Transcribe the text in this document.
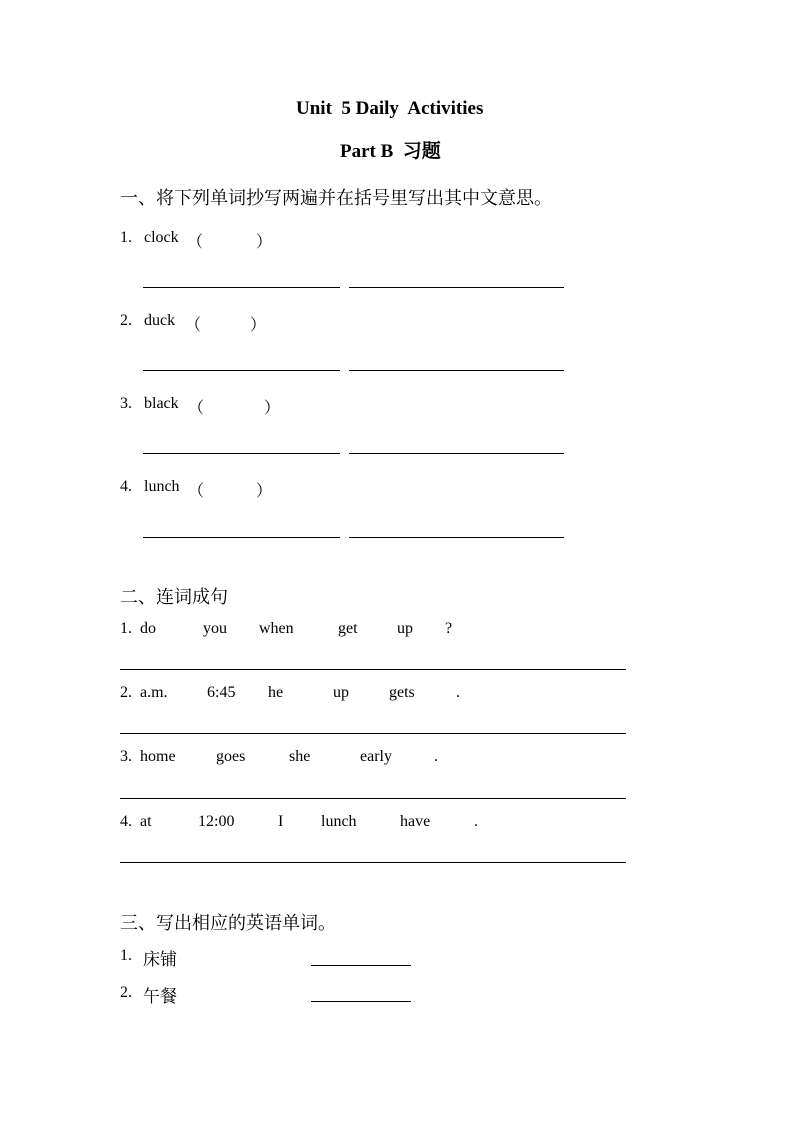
Unit  5 Daily  Activities
Part B  习题
一、将下列单词抄写两遍并在括号里写出其中文意思。
1. clock （	）
2. duck （	）
3. black （	）
4. lunch （	）
二、连词成句
1. do	you when	get up ?
2. a.m. 6:45 he	up	gets	.
3. home	goes	she	early	.
4. at	12:00	I lunch	have	.
三、写出相应的英语单词。
1. 床铺
2. 午餐
